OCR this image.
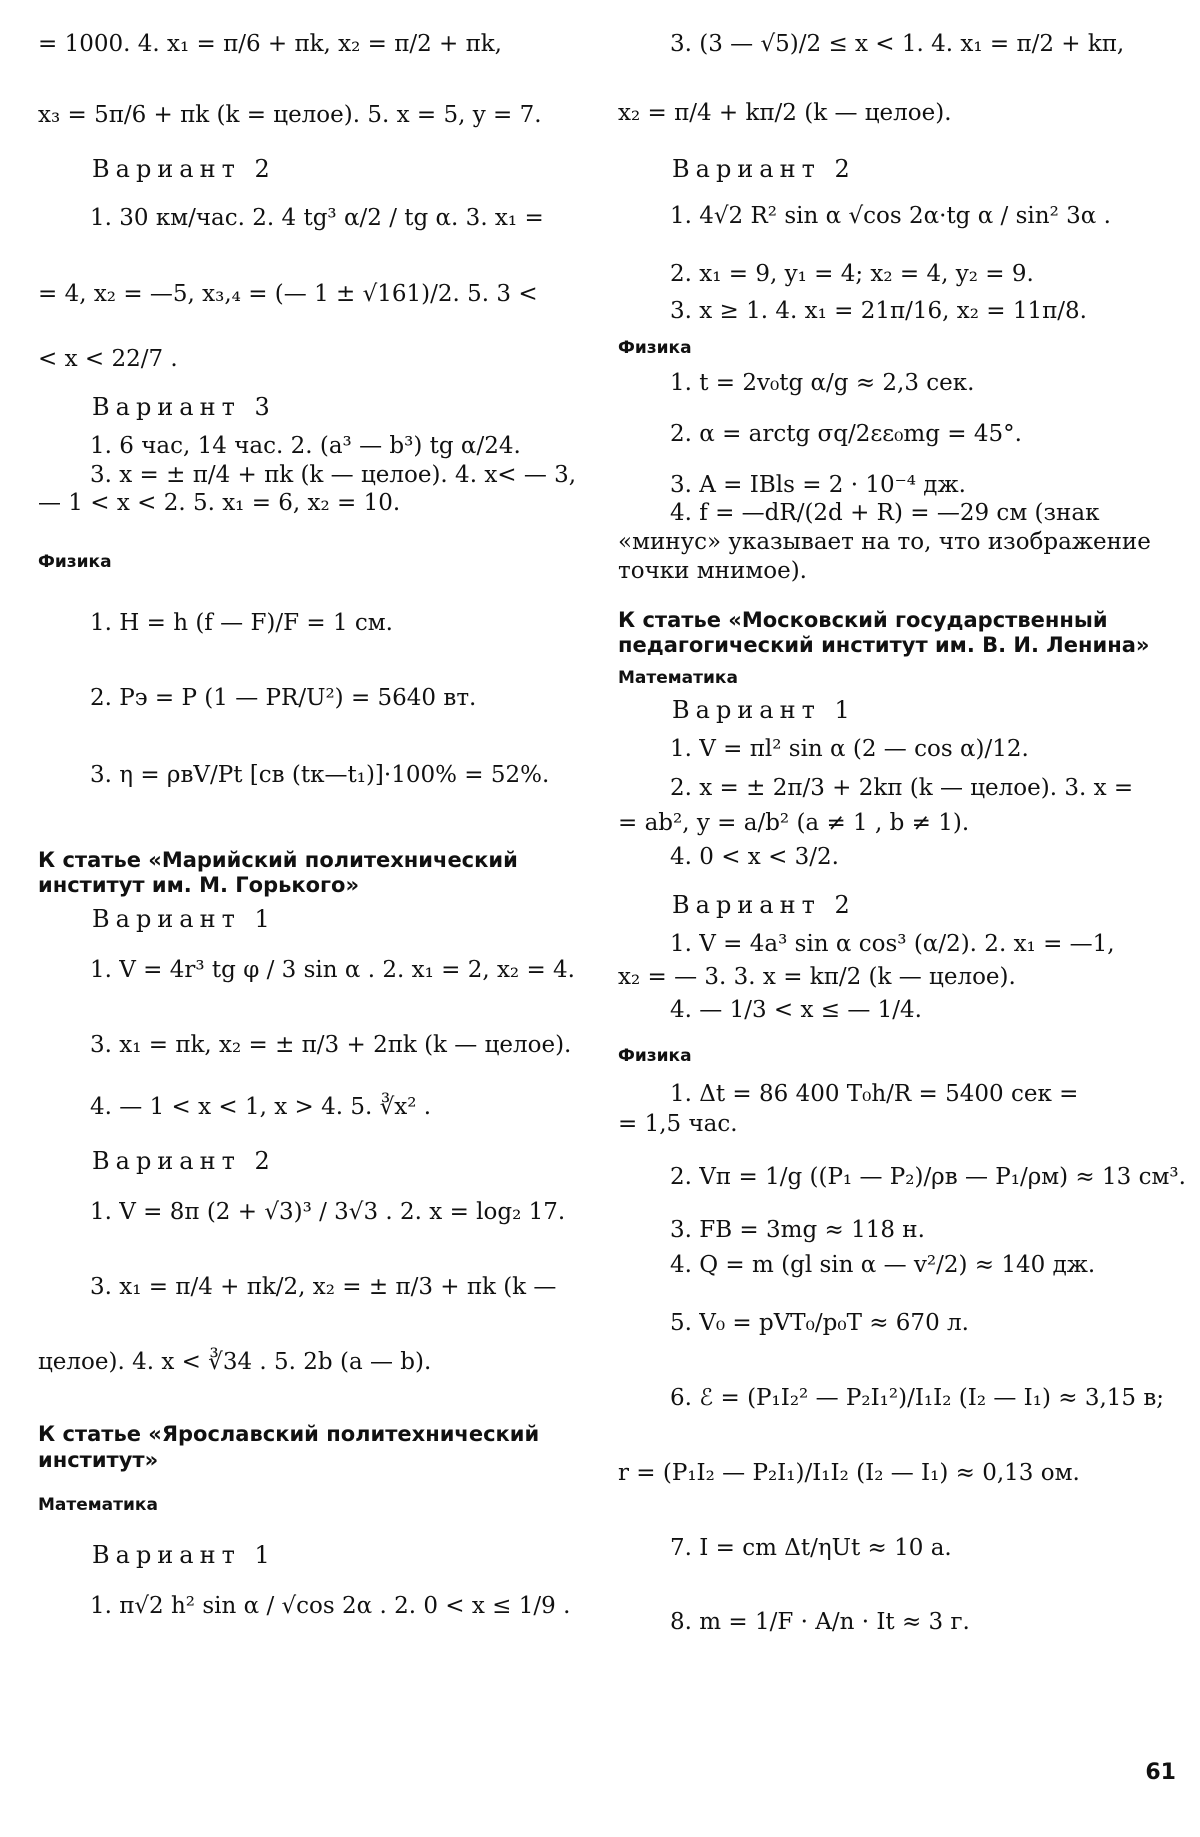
= 1000. 4. x₁ = π/6 + πk, x₂ = π/2 + πk,
x₃ = 5π/6 + πk (k = целое). 5. x = 5, y = 7.
Вариант 2
1. 30 км/час. 2. 4 tg³ α/2 / tg α. 3. x₁ =
= 4, x₂ = —5, x₃,₄ = (— 1 ± √161)/2. 5. 3 <
< x < 22/7 .
Вариант 3
1. 6 час, 14 час. 2. (a³ — b³) tg α/24.
3. x = ± π/4 + πk (k — целое). 4. x< — 3,
— 1 < x < 2. 5. x₁ = 6, x₂ = 10.
Физика
1. H = h (f — F)/F = 1 см.
2. Pэ = P (1 — PR/U²) = 5640 вт.
3. η = ρвV/Pt [cв (tк—t₁)]·100% = 52%.
К статье «Марийский политехнический институт им. М. Горького»
Вариант 1
1. V = 4r³ tg φ / 3 sin α . 2. x₁ = 2, x₂ = 4.
3. x₁ = πk, x₂ = ± π/3 + 2πk (k — целое).
4. — 1 < x < 1, x > 4. 5. ∛x² .
Вариант 2
1. V = 8π (2 + √3)³ / 3√3 . 2. x = log₂ 17.
3. x₁ = π/4 + πk/2, x₂ = ± π/3 + πk (k —
целое). 4. x < ∛34 . 5. 2b (a — b).
К статье «Ярославский политехнический институт»
Математика
Вариант 1
1. π√2 h² sin α / √cos 2α . 2. 0 < x ≤ 1/9 .
3. (3 — √5)/2 ≤ x < 1. 4. x₁ = π/2 + kπ,
x₂ = π/4 + kπ/2 (k — целое).
Вариант 2
1. 4√2 R² sin α √cos 2α·tg α / sin² 3α .
2. x₁ = 9, y₁ = 4; x₂ = 4, y₂ = 9.
3. x ≥ 1. 4. x₁ = 21π/16, x₂ = 11π/8.
Физика
1. t = 2v₀tg α/g ≈ 2,3 сек.
2. α = arctg σq/2εε₀mg = 45°.
3. A = IBls = 2 · 10⁻⁴ дж.
4. f = —dR/(2d + R) = —29 см (знак
«минус» указывает на то, что изображение
точки мнимое).
К статье «Московский государственный педагогический институт им. В. И. Ленина»
Математика
Вариант 1
1. V = πl² sin α (2 — cos α)/12.
2. x = ± 2π/3 + 2kπ (k — целое). 3. x =
= ab², y = a/b² (a ≠ 1 , b ≠ 1).
4. 0 < x < 3/2.
Вариант 2
1. V = 4a³ sin α cos³ (α/2). 2. x₁ = —1,
x₂ = — 3. 3. x = kπ/2 (k — целое).
4. — 1/3 < x ≤ — 1/4.
Физика
1. Δt = 86 400 T₀h/R = 5400 сек =
= 1,5 час.
2. Vп = 1/g ((P₁ — P₂)/ρв — P₁/ρм) ≈ 13 см³.
3. FB = 3mg ≈ 118 н.
4. Q = m (gl sin α — v²/2) ≈ 140 дж.
5. V₀ = pVT₀/p₀T ≈ 670 л.
6. ℰ = (P₁I₂² — P₂I₁²)/I₁I₂ (I₂ — I₁) ≈ 3,15 в;
r = (P₁I₂ — P₂I₁)/I₁I₂ (I₂ — I₁) ≈ 0,13 ом.
7. I = cm Δt/ηUt ≈ 10 a.
8. m = 1/F · A/n · It ≈ 3 г.
61
